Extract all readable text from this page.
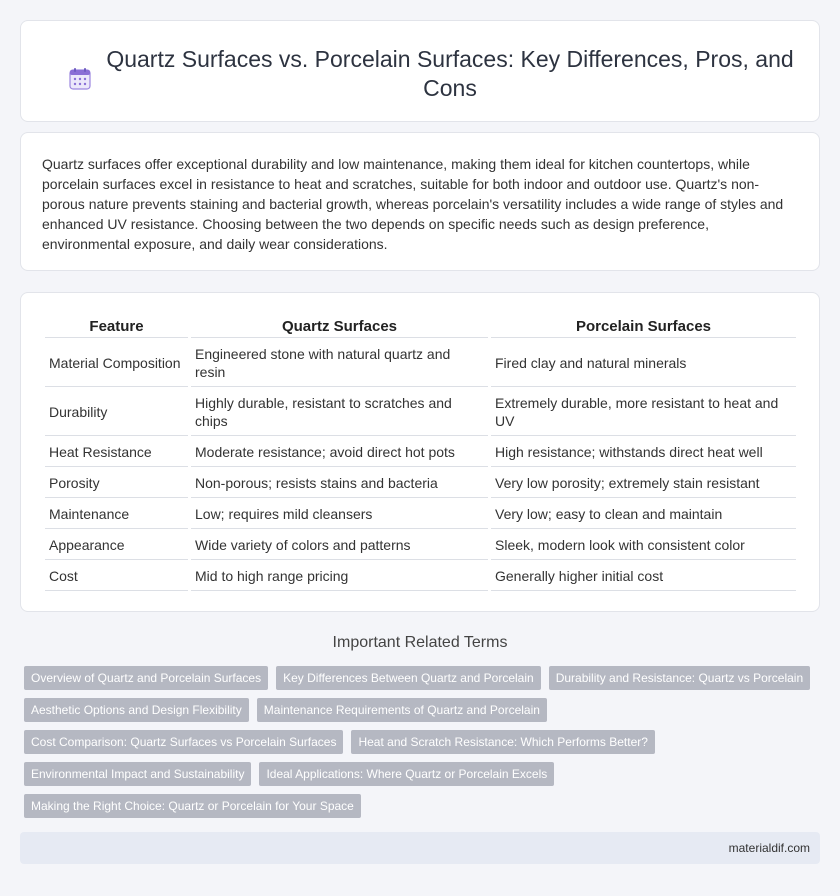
Quartz Surfaces vs. Porcelain Surfaces: Key Differences, Pros, and Cons

Quartz surfaces offer exceptional durability and low maintenance, making them ideal for kitchen countertops, while porcelain surfaces excel in resistance to heat and scratches, suitable for both indoor and outdoor use. Quartz's non-porous nature prevents staining and bacterial growth, whereas porcelain's versatility includes a wide range of styles and enhanced UV resistance. Choosing between the two depends on specific needs such as design preference, environmental exposure, and daily wear considerations.

Feature	Quartz Surfaces	Porcelain Surfaces
Material Composition	Engineered stone with natural quartz and resin	Fired clay and natural minerals
Durability	Highly durable, resistant to scratches and chips	Extremely durable, more resistant to heat and UV
Heat Resistance	Moderate resistance; avoid direct hot pots	High resistance; withstands direct heat well
Porosity	Non-porous; resists stains and bacteria	Very low porosity; extremely stain resistant
Maintenance	Low; requires mild cleansers	Very low; easy to clean and maintain
Appearance	Wide variety of colors and patterns	Sleek, modern look with consistent color
Cost	Mid to high range pricing	Generally higher initial cost
Important Related Terms
Overview of Quartz and Porcelain Surfaces	Key Differences Between Quartz and Porcelain	Durability and Resistance: Quartz vs Porcelain
Aesthetic Options and Design Flexibility	Maintenance Requirements of Quartz and Porcelain
Cost Comparison: Quartz Surfaces vs Porcelain Surfaces	Heat and Scratch Resistance: Which Performs Better?
Environmental Impact and Sustainability	Ideal Applications: Where Quartz or Porcelain Excels
Making the Right Choice: Quartz or Porcelain for Your Space
materialdif.com
